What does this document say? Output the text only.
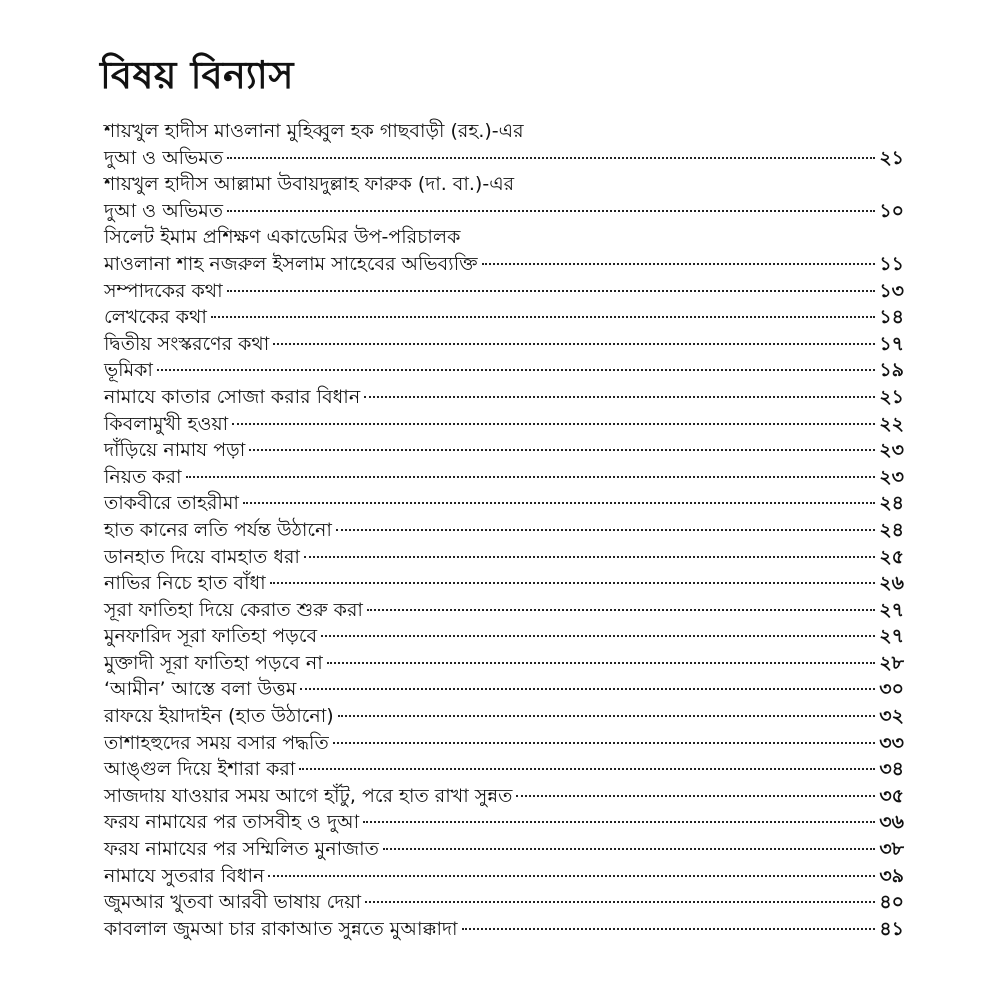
বিষয় বিন্যাস
শায়খুল হাদীস মাওলানা মুহিব্বুল হক গাছবাড়ী (রহ.)-এর
দুআ ও অভিমত	২১
শায়খুল হাদীস আল্লামা উবায়দুল্লাহ ফারুক (দা. বা.)-এর
দুআ ও অভিমত	১০
সিলেট ইমাম প্রশিক্ষণ একাডেমির উপ-পরিচালক
মাওলানা শাহ নজরুল ইসলাম সাহেবের অভিব্যক্তি	১১
সম্পাদকের কথা	১৩
লেখকের কথা	১৪
দ্বিতীয় সংস্করণের কথা	১৭
ভূমিকা	১৯
নামাযে কাতার সোজা করার বিধান	২১
কিবলামুখী হওয়া	২২
দাঁড়িয়ে নামায পড়া	২৩
নিয়ত করা	২৩
তাকবীরে তাহরীমা	২৪
হাত কানের লতি পর্যন্ত উঠানো	২৪
ডানহাত দিয়ে বামহাত ধরা	২৫
নাভির নিচে হাত বাঁধা	২৬
সূরা ফাতিহা দিয়ে কেরাত শুরু করা	২৭
মুনফারিদ সূরা ফাতিহা পড়বে	২৭
মুক্তাদী সূরা ফাতিহা পড়বে না	২৮
‘আমীন’ আস্তে বলা উত্তম	৩০
রাফয়ে ইয়াদাইন (হাত উঠানো)	৩২
তাশাহহুদের সময় বসার পদ্ধতি	৩৩
আঙ্গুল দিয়ে ইশারা করা	৩৪
সাজদায় যাওয়ার সময় আগে হাঁটু, পরে হাত রাখা সুন্নত	৩৫
ফরয নামাযের পর তাসবীহ ও দুআ	৩৬
ফরয নামাযের পর সম্মিলিত মুনাজাত	৩৮
নামাযে সুতরার বিধান	৩৯
জুমআর খুতবা আরবী ভাষায় দেয়া	৪০
কাবলাল জুমআ চার রাকাআত সুন্নতে মুআক্কাদা	৪১
